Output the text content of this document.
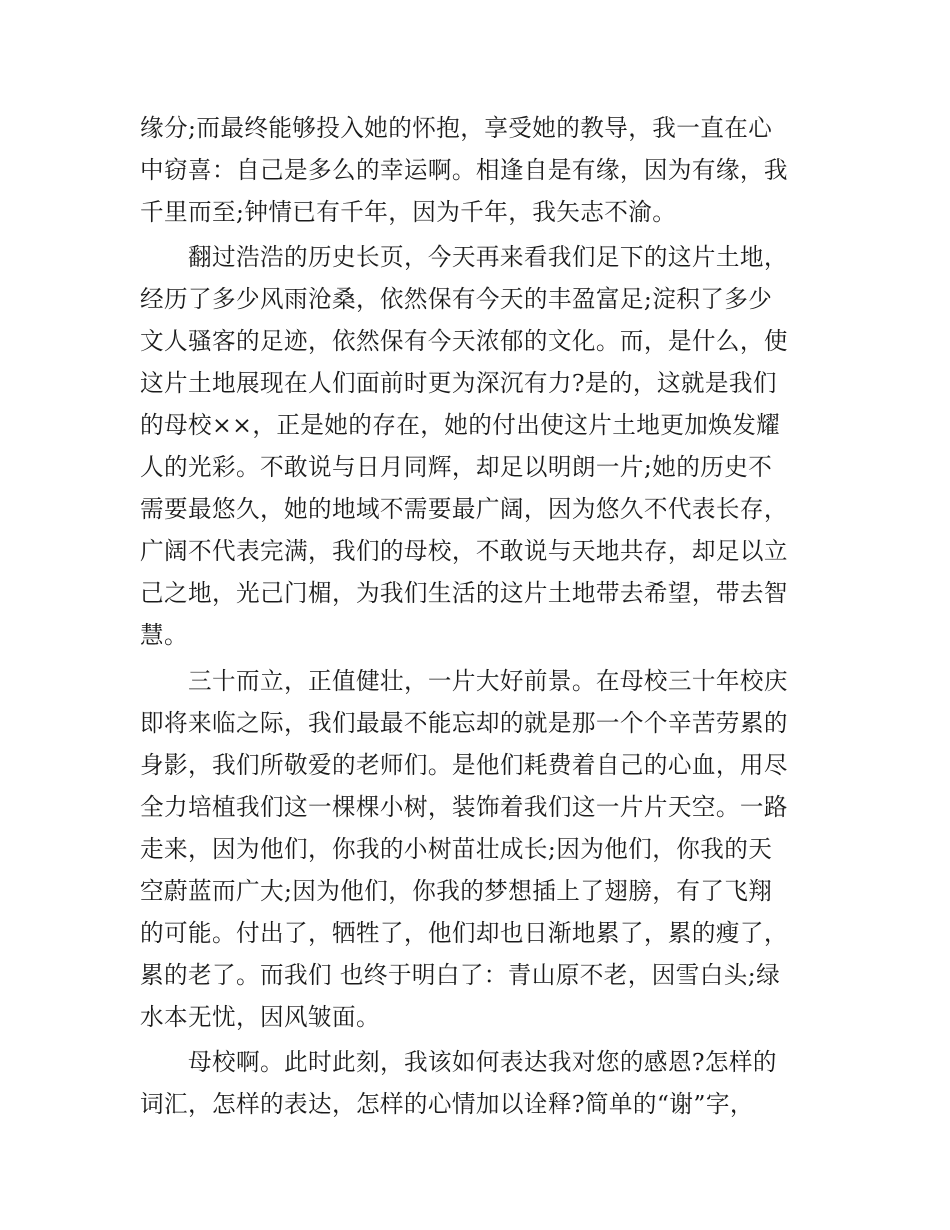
缘分;而最终能够投入她的怀抱，享受她的教导，我一直在心
中窃喜：自己是多么的幸运啊。相逢自是有缘，因为有缘，我
千里而至;钟情已有千年，因为千年，我矢志不渝。

翻过浩浩的历史长页，今天再来看我们足下的这片土地，
经历了多少风雨沧桑，依然保有今天的丰盈富足;淀积了多少
文人骚客的足迹，依然保有今天浓郁的文化。而，是什么，使
这片土地展现在人们面前时更为深沉有力?是的，这就是我们
的母校××，正是她的存在，她的付出使这片土地更加焕发耀
人的光彩。不敢说与日月同辉，却足以明朗一片;她的历史不
需要最悠久，她的地域不需要最广阔，因为悠久不代表长存，
广阔不代表完满，我们的母校，不敢说与天地共存，却足以立
己之地，光己门楣，为我们生活的这片土地带去希望，带去智
慧。

三十而立，正值健壮，一片大好前景。在母校三十年校庆
即将来临之际，我们最最不能忘却的就是那一个个辛苦劳累的
身影，我们所敬爱的老师们。是他们耗费着自己的心血，用尽
全力培植我们这一棵棵小树，装饰着我们这一片片天空。一路
走来，因为他们，你我的小树苗壮成长;因为他们，你我的天
空蔚蓝而广大;因为他们，你我的梦想插上了翅膀，有了飞翔
的可能。付出了，牺牲了，他们却也日渐地累了，累的瘦了，
累的老了。而我们 也终于明白了：青山原不老，因雪白头;绿
水本无忧，因风皱面。

母校啊。此时此刻，我该如何表达我对您的感恩?怎样的
词汇，怎样的表达，怎样的心情加以诠释?简单的“谢”字，
